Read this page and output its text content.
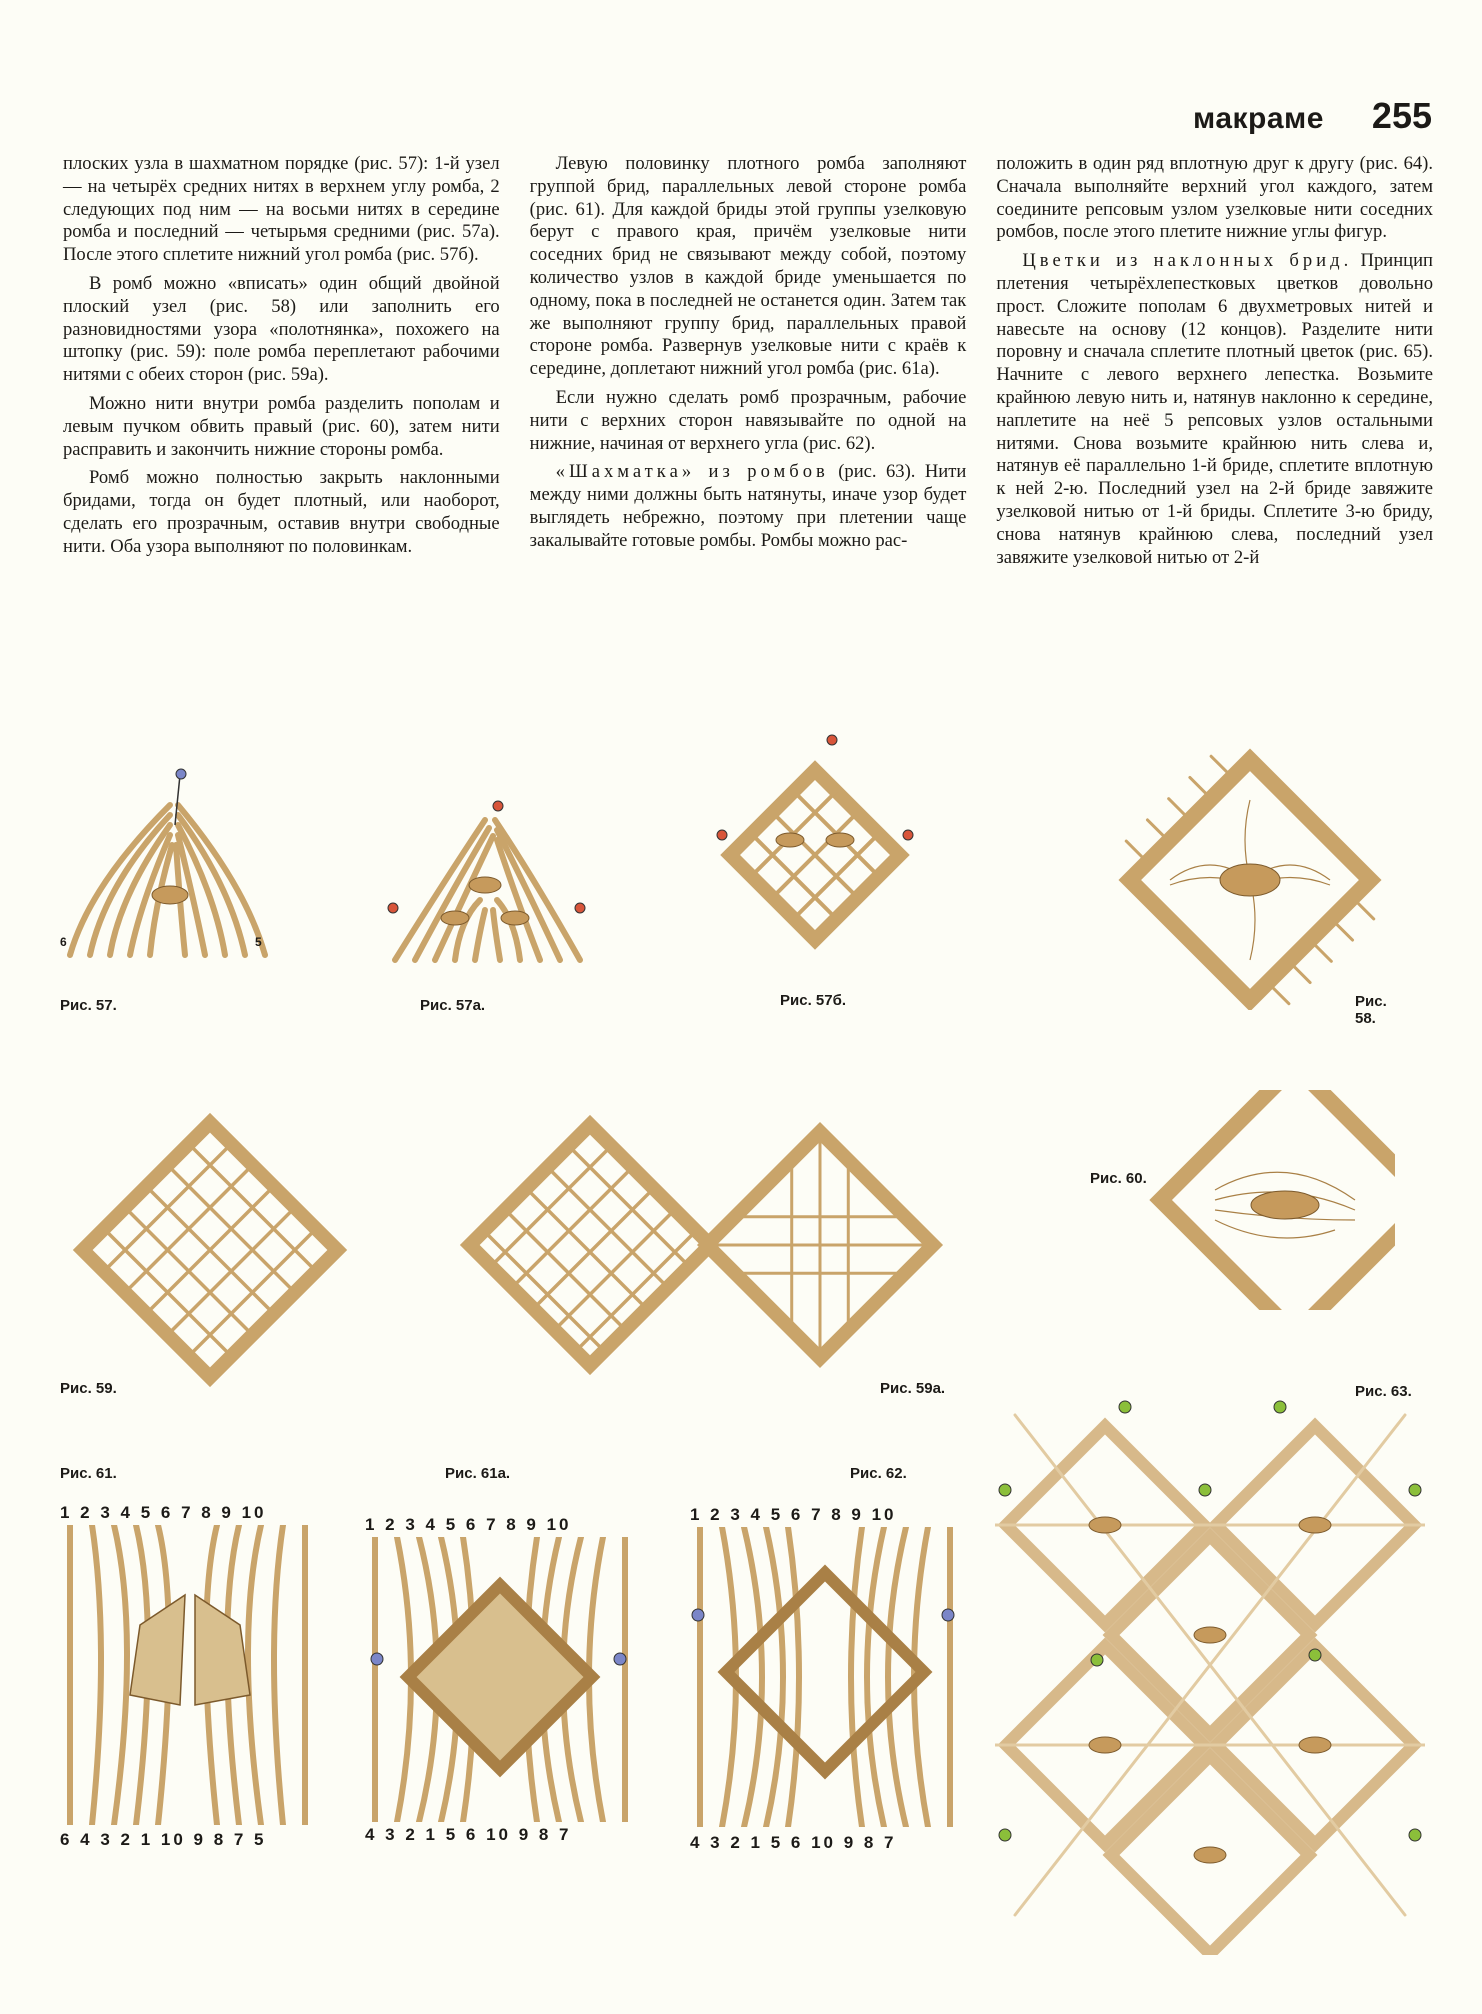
макраме 255

плоских узла в шахматном порядке (рис. 57): 1-й узел — на четырёх средних нитях в верхнем углу ромба, 2 следующих под ним — на восьми нитях в середине ромба и последний — четырьмя средними (рис. 57а). После этого сплетите нижний угол ромба (рис. 57б).

В ромб можно «вписать» один общий двойной плоский узел (рис. 58) или заполнить его разновидностями узора «полотнянка», похожего на штопку (рис. 59): поле ромба переплетают рабочими нитями с обеих сторон (рис. 59а).

Можно нити внутри ромба разделить пополам и левым пучком обвить правый (рис. 60), затем нити расправить и закончить нижние стороны ромба.

Ромб можно полностью закрыть наклонными бридами, тогда он будет плотный, или наоборот, сделать его прозрачным, оставив внутри свободные нити. Оба узора выполняют по половинкам.

Левую половинку плотного ромба заполняют группой брид, параллельных левой стороне ромба (рис. 61). Для каждой бриды этой группы узелковую берут с правого края, причём узелковые нити соседних брид не связывают между собой, поэтому количество узлов в каждой бриде уменьшается по одному, пока в последней не останется один. Затем так же выполняют группу брид, параллельных правой стороне ромба. Развернув узелковые нити с краёв к середине, доплетают нижний угол ромба (рис. 61а).

Если нужно сделать ромб прозрачным, рабочие нити с верхних сторон навязывайте по одной на нижние, начиная от верхнего угла (рис. 62).

«Шахматка» из ромбов (рис. 63). Нити между ними должны быть натянуты, иначе узор будет выглядеть небрежно, поэтому при плетении чаще закалывайте готовые ромбы. Ромбы можно рас-

положить в один ряд вплотную друг к другу (рис. 64). Сначала выполняйте верхний угол каждого, затем соедините репсовым узлом узелковые нити соседних ромбов, после этого плетите нижние углы фигур.

Цветки из наклонных брид. Принцип плетения четырёхлепестковых цветков довольно прост. Сложите пополам 6 двухметровых нитей и навесьте на основу (12 концов). Разделите нити поровну и сначала сплетите плотный цветок (рис. 65). Начните с левого верхнего лепестка. Возьмите крайнюю левую нить и, натянув наклонно к середине, наплетите на неё 5 репсовых узлов остальными нитями. Снова возьмите крайнюю нить слева и, натянув её параллельно 1-й бриде, сплетите вплотную к ней 2-ю. Последний узел на 2-й бриде завяжите узелковой нитью от 1-й бриды. Сплетите 3-ю бриду, снова натянув крайнюю слева, последний узел завяжите узелковой нитью от 2-й

Рис. 57.
6	5
Рис. 57а.	Рис. 57б.	Рис. 58.
Рис. 59.	Рис. 59а.
Рис. 60.
Рис. 63.
Рис. 61.
1 2 3 4 5 6 7 8 9 10
6 4 3 2 1 10 9 8 7 5
Рис. 61а.
1 2 3 4 5 6 7 8 9 10
4 3 2 1 5 6 10 9 8 7
Рис. 62.
1 2 3 4 5 6 7 8 9 10
4 3 2 1 5 6 10 9 8 7
